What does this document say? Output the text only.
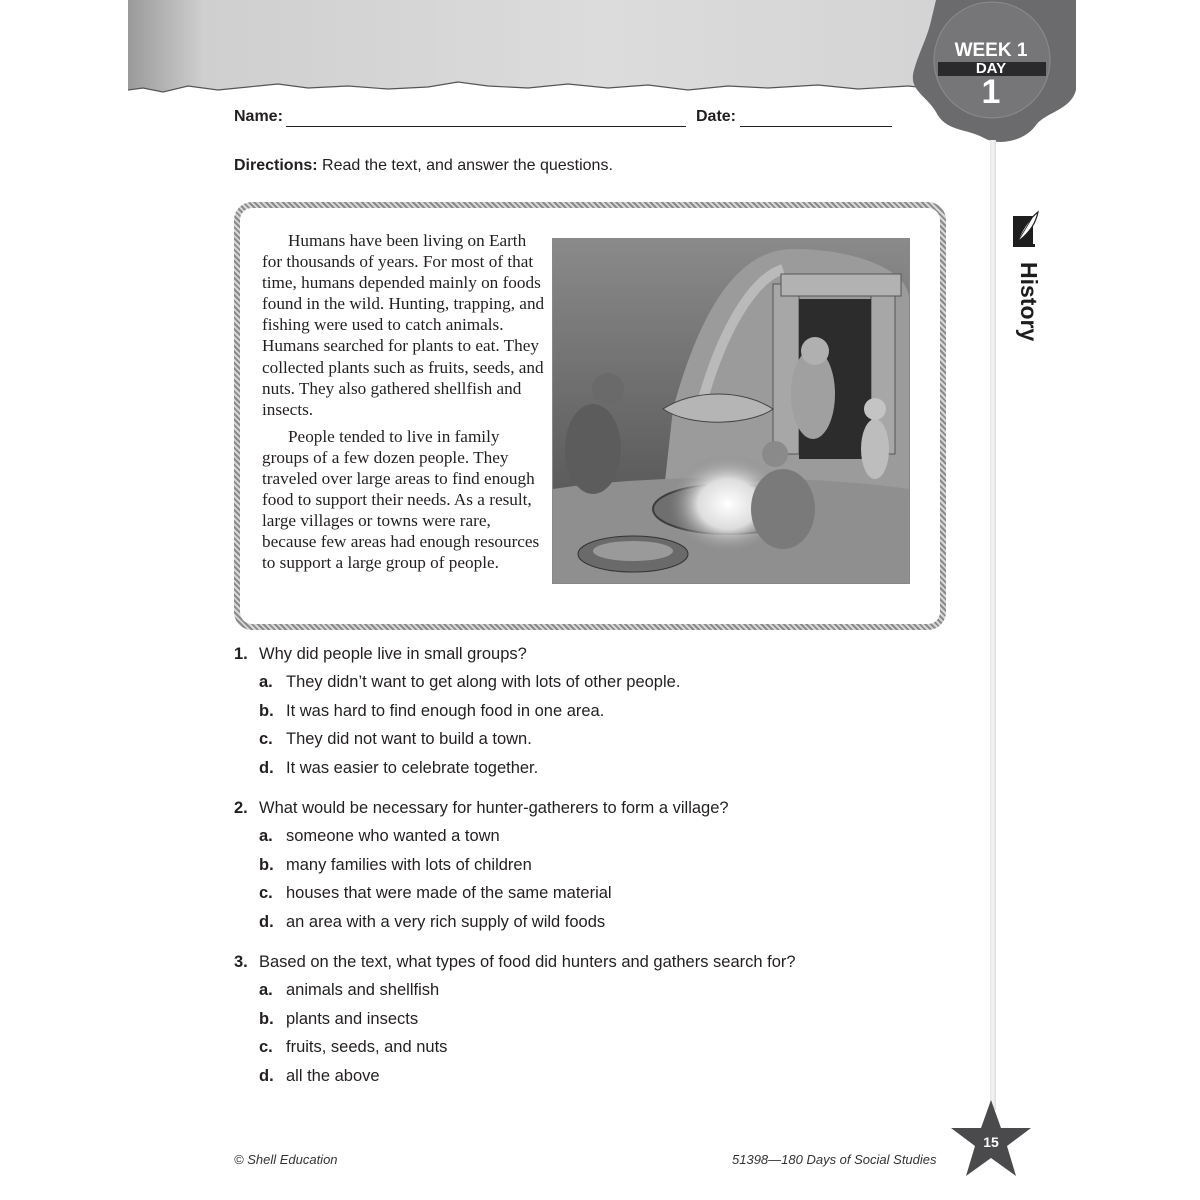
WEEK 1
DAY
1
History
Name:	Date:
Directions: Read the text, and answer the questions.

Humans have been living on Earth for thousands of years. For most of that time, humans depended mainly on foods found in the wild. Hunting, trapping, and fishing were used to catch animals. Humans searched for plants to eat. They collected plants such as fruits, seeds, and nuts. They also gathered shellfish and insects.

People tended to live in family groups of a few dozen people. They traveled over large areas to find enough food to support their needs. As a result, large villages or towns were rare, because few areas had enough resources to support a large group of people.

1. Why did people live in small groups?
a. They didn’t want to get along with lots of other people.
b. It was hard to find enough food in one area.
c. They did not want to build a town.
d. It was easier to celebrate together.
2. What would be necessary for hunter-gatherers to form a village?
a. someone who wanted a town
b. many families with lots of children
c. houses that were made of the same material
d. an area with a very rich supply of wild foods
3. Based on the text, what types of food did hunters and gathers search for?
a. animals and shellfish
b. plants and insects
c. fruits, seeds, and nuts
d. all the above
© Shell Education	51398—180 Days of Social Studies
15
